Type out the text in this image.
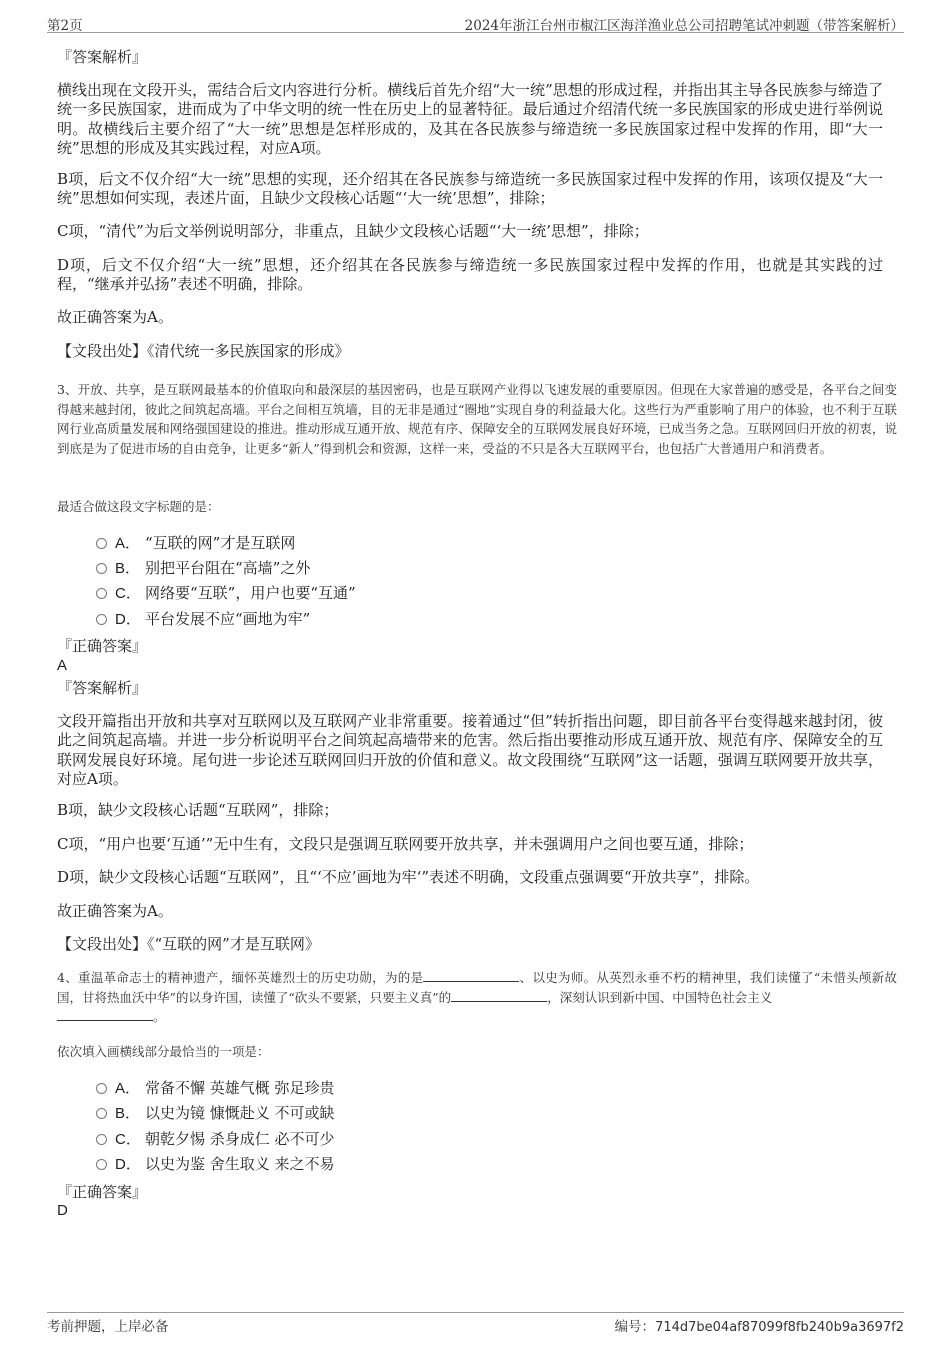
第2页	2024年浙江台州市椒江区海洋渔业总公司招聘笔试冲刺题（带答案解析）
『答案解析』
横线出现在文段开头，需结合后文内容进行分析。横线后首先介绍“大一统”思想的形成过程，并指出其主导各民族参与缔造了统一多民族国家，进而成为了中华文明的统一性在历史上的显著特征。最后通过介绍清代统一多民族国家的形成史进行举例说明。故横线后主要介绍了“大一统”思想是怎样形成的，及其在各民族参与缔造统一多民族国家过程中发挥的作用，即“大一统”思想的形成及其实践过程，对应A项。
B项，后文不仅介绍“大一统”思想的实现，还介绍其在各民族参与缔造统一多民族国家过程中发挥的作用，该项仅提及“大一统”思想如何实现，表述片面，且缺少文段核心话题“‘大一统’思想”，排除；
C项，“清代”为后文举例说明部分，非重点，且缺少文段核心话题“‘大一统’思想”，排除；
D项，后文不仅介绍“大一统”思想，还介绍其在各民族参与缔造统一多民族国家过程中发挥的作用，也就是其实践的过程，“继承并弘扬”表述不明确，排除。
故正确答案为A。
【文段出处】《清代统一多民族国家的形成》
3、开放、共享，是互联网最基本的价值取向和最深层的基因密码，也是互联网产业得以飞速发展的重要原因。但现在大家普遍的感受是，各平台之间变得越来越封闭，彼此之间筑起高墙。平台之间相互筑墙，目的无非是通过“圈地”实现自身的利益最大化。这些行为严重影响了用户的体验，也不利于互联网行业高质量发展和网络强国建设的推进。推动形成互通开放、规范有序、保障安全的互联网发展良好环境，已成当务之急。互联网回归开放的初衷，说到底是为了促进市场的自由竞争，让更多“新人”得到机会和资源，这样一来，受益的不只是各大互联网平台，也包括广大普通用户和消费者。
最适合做这段文字标题的是：
A． “互联的网”才是互联网
B． 别把平台阻在“高墙”之外
C． 网络要“互联”，用户也要“互通”
D． 平台发展不应“画地为牢”
『正确答案』
A
『答案解析』
文段开篇指出开放和共享对互联网以及互联网产业非常重要。接着通过“但”转折指出问题，即目前各平台变得越来越封闭，彼此之间筑起高墙。并进一步分析说明平台之间筑起高墙带来的危害。然后指出要推动形成互通开放、规范有序、保障安全的互联网发展良好环境。尾句进一步论述互联网回归开放的价值和意义。故文段围绕“互联网”这一话题，强调互联网要开放共享，对应A项。
B项，缺少文段核心话题“互联网”，排除；
C项，“用户也要‘互通’”无中生有，文段只是强调互联网要开放共享，并未强调用户之间也要互通，排除；
D项，缺少文段核心话题“互联网”，且“‘不应’画地为牢‘”表述不明确，文段重点强调要“开放共享”，排除。
故正确答案为A。
【文段出处】《“互联的网”才是互联网》
4、重温革命志士的精神遗产，缅怀英雄烈士的历史功勋，为的是	、以史为师。从英烈永垂不朽的精神里，我们读懂了“未惜头颅新故国，甘将热血沃中华”的以身许国，读懂了“砍头不要紧，只要主义真”的	，深刻认识到新中国、中国特色社会主义
。
依次填入画横线部分最恰当的一项是：
A． 常备不懈 英雄气概 弥足珍贵
B． 以史为镜 慷慨赴义 不可或缺
C． 朝乾夕惕 杀身成仁 必不可少
D． 以史为鉴 舍生取义 来之不易
『正确答案』
D
考前押题，上岸必备	编号：714d7be04af87099f8fb240b9a3697f2
